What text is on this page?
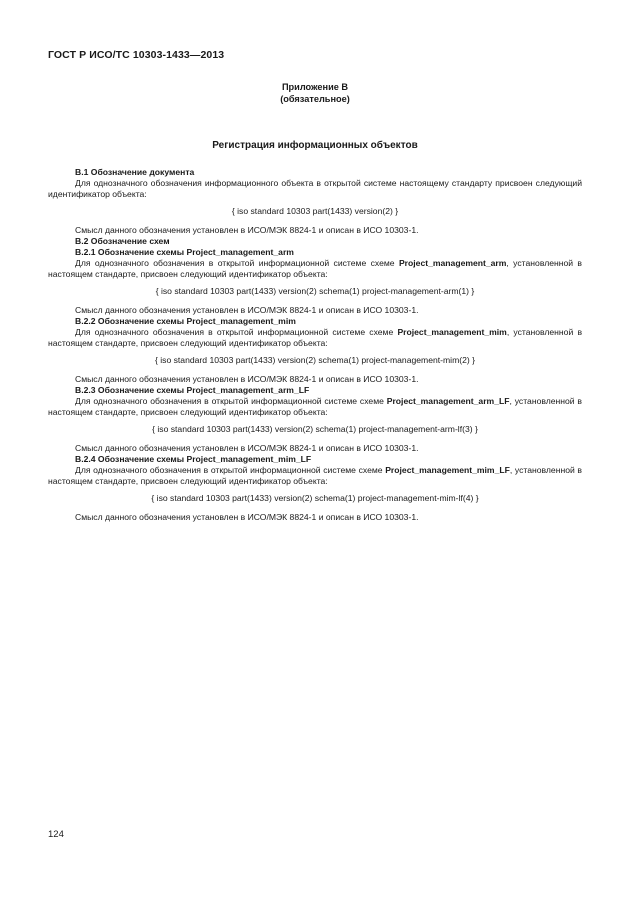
ГОСТ Р ИСО/ТС 10303-1433—2013
Приложение В
(обязательное)
Регистрация информационных объектов
В.1 Обозначение документа
Для однозначного обозначения информационного объекта в открытой системе настоящему стандарту присвоен следующий идентификатор объекта:
{ iso standard 10303 part(1433) version(2) }
Смысл данного обозначения установлен в ИСО/МЭК 8824-1 и описан в ИСО 10303-1.
В.2 Обозначение схем
В.2.1 Обозначение схемы Project_management_arm
Для однозначного обозначения в открытой информационной системе схеме Project_management_arm, установленной в настоящем стандарте, присвоен следующий идентификатор объекта:
{ iso standard 10303 part(1433) version(2) schema(1) project-management-arm(1) }
Смысл данного обозначения установлен в ИСО/МЭК 8824-1 и описан в ИСО 10303-1.
В.2.2 Обозначение схемы Project_management_mim
Для однозначного обозначения в открытой информационной системе схеме Project_management_mim, установленной в настоящем стандарте, присвоен следующий идентификатор объекта:
{ iso standard 10303 part(1433) version(2) schema(1) project-management-mim(2) }
Смысл данного обозначения установлен в ИСО/МЭК 8824-1 и описан в ИСО 10303-1.
В.2.3 Обозначение схемы Project_management_arm_LF
Для однозначного обозначения в открытой информационной системе схеме Project_management_arm_LF, установленной в настоящем стандарте, присвоен следующий идентификатор объекта:
{ iso standard 10303 part(1433) version(2) schema(1) project-management-arm-lf(3) }
Смысл данного обозначения установлен в ИСО/МЭК 8824-1 и описан в ИСО 10303-1.
В.2.4 Обозначение схемы Project_management_mim_LF
Для однозначного обозначения в открытой информационной системе схеме Project_management_mim_LF, установленной в настоящем стандарте, присвоен следующий идентификатор объекта:
{ iso standard 10303 part(1433) version(2) schema(1) project-management-mim-lf(4) }
Смысл данного обозначения установлен в ИСО/МЭК 8824-1 и описан в ИСО 10303-1.
124
